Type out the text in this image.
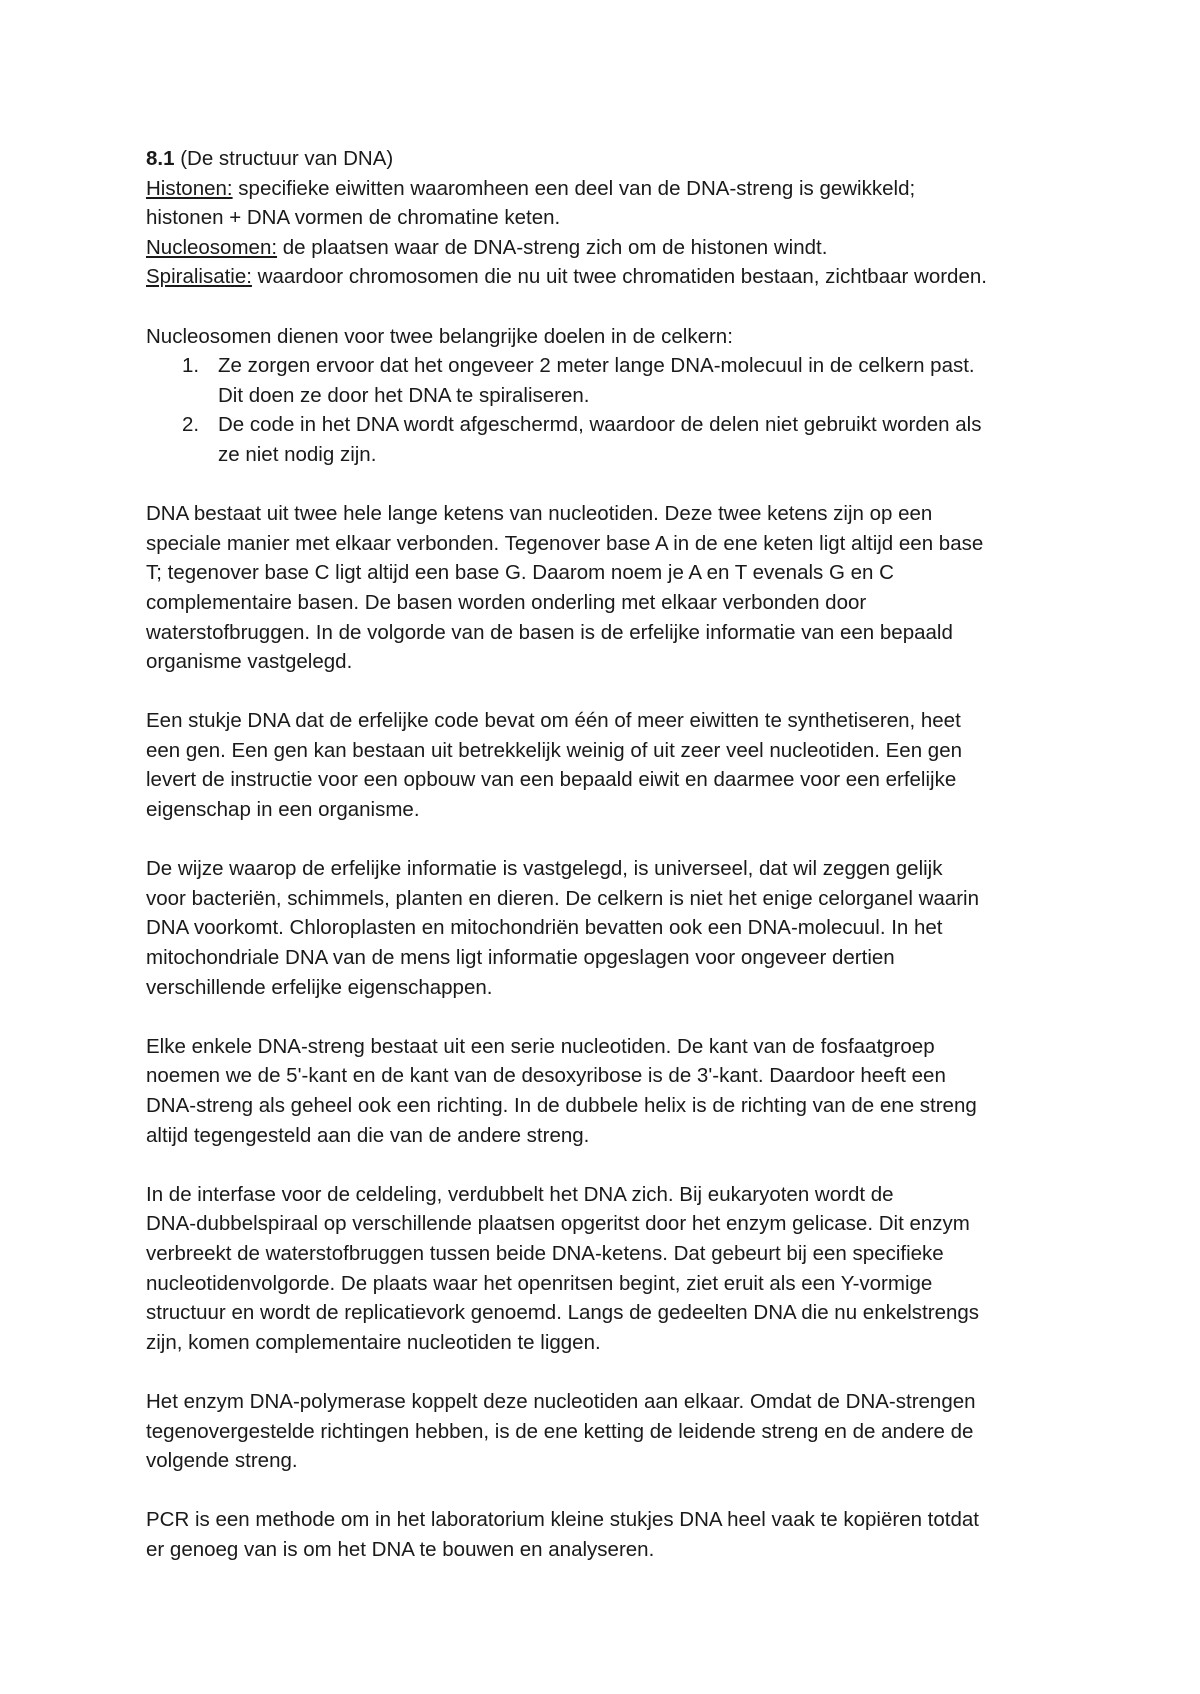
8.1 (De structuur van DNA)
Histonen: specifieke eiwitten waaromheen een deel van de DNA-streng is gewikkeld;
histonen + DNA vormen de chromatine keten.
Nucleosomen: de plaatsen waar de DNA-streng zich om de histonen windt.
Spiralisatie: waardoor chromosomen die nu uit twee chromatiden bestaan, zichtbaar worden.
Nucleosomen dienen voor twee belangrijke doelen in de celkern:
1. Ze zorgen ervoor dat het ongeveer 2 meter lange DNA-molecuul in de celkern past.
Dit doen ze door het DNA te spiraliseren.
2. De code in het DNA wordt afgeschermd, waardoor de delen niet gebruikt worden als
ze niet nodig zijn.

DNA bestaat uit twee hele lange ketens van nucleotiden. Deze twee ketens zijn op een
speciale manier met elkaar verbonden. Tegenover base A in de ene keten ligt altijd een base
T; tegenover base C ligt altijd een base G. Daarom noem je A en T evenals G en C
complementaire basen. De basen worden onderling met elkaar verbonden door
waterstofbruggen. In de volgorde van de basen is de erfelijke informatie van een bepaald
organisme vastgelegd.

Een stukje DNA dat de erfelijke code bevat om één of meer eiwitten te synthetiseren, heet
een gen. Een gen kan bestaan uit betrekkelijk weinig of uit zeer veel nucleotiden. Een gen
levert de instructie voor een opbouw van een bepaald eiwit en daarmee voor een erfelijke
eigenschap in een organisme.

De wijze waarop de erfelijke informatie is vastgelegd, is universeel, dat wil zeggen gelijk
voor bacteriën, schimmels, planten en dieren. De celkern is niet het enige celorganel waarin
DNA voorkomt. Chloroplasten en mitochondriën bevatten ook een DNA-molecuul. In het
mitochondriale DNA van de mens ligt informatie opgeslagen voor ongeveer dertien
verschillende erfelijke eigenschappen.

Elke enkele DNA-streng bestaat uit een serie nucleotiden. De kant van de fosfaatgroep
noemen we de 5'-kant en de kant van de desoxyribose is de 3'-kant. Daardoor heeft een
DNA-streng als geheel ook een richting. In de dubbele helix is de richting van de ene streng
altijd tegengesteld aan die van de andere streng.

In de interfase voor de celdeling, verdubbelt het DNA zich. Bij eukaryoten wordt de
DNA-dubbelspiraal op verschillende plaatsen opgeritst door het enzym gelicase. Dit enzym
verbreekt de waterstofbruggen tussen beide DNA-ketens. Dat gebeurt bij een specifieke
nucleotidenvolgorde. De plaats waar het openritsen begint, ziet eruit als een Y-vormige
structuur en wordt de replicatievork genoemd. Langs de gedeelten DNA die nu enkelstrengs
zijn, komen complementaire nucleotiden te liggen.

Het enzym DNA-polymerase koppelt deze nucleotiden aan elkaar. Omdat de DNA-strengen
tegenovergestelde richtingen hebben, is de ene ketting de leidende streng en de andere de
volgende streng.

PCR is een methode om in het laboratorium kleine stukjes DNA heel vaak te kopiëren totdat
er genoeg van is om het DNA te bouwen en analyseren.
